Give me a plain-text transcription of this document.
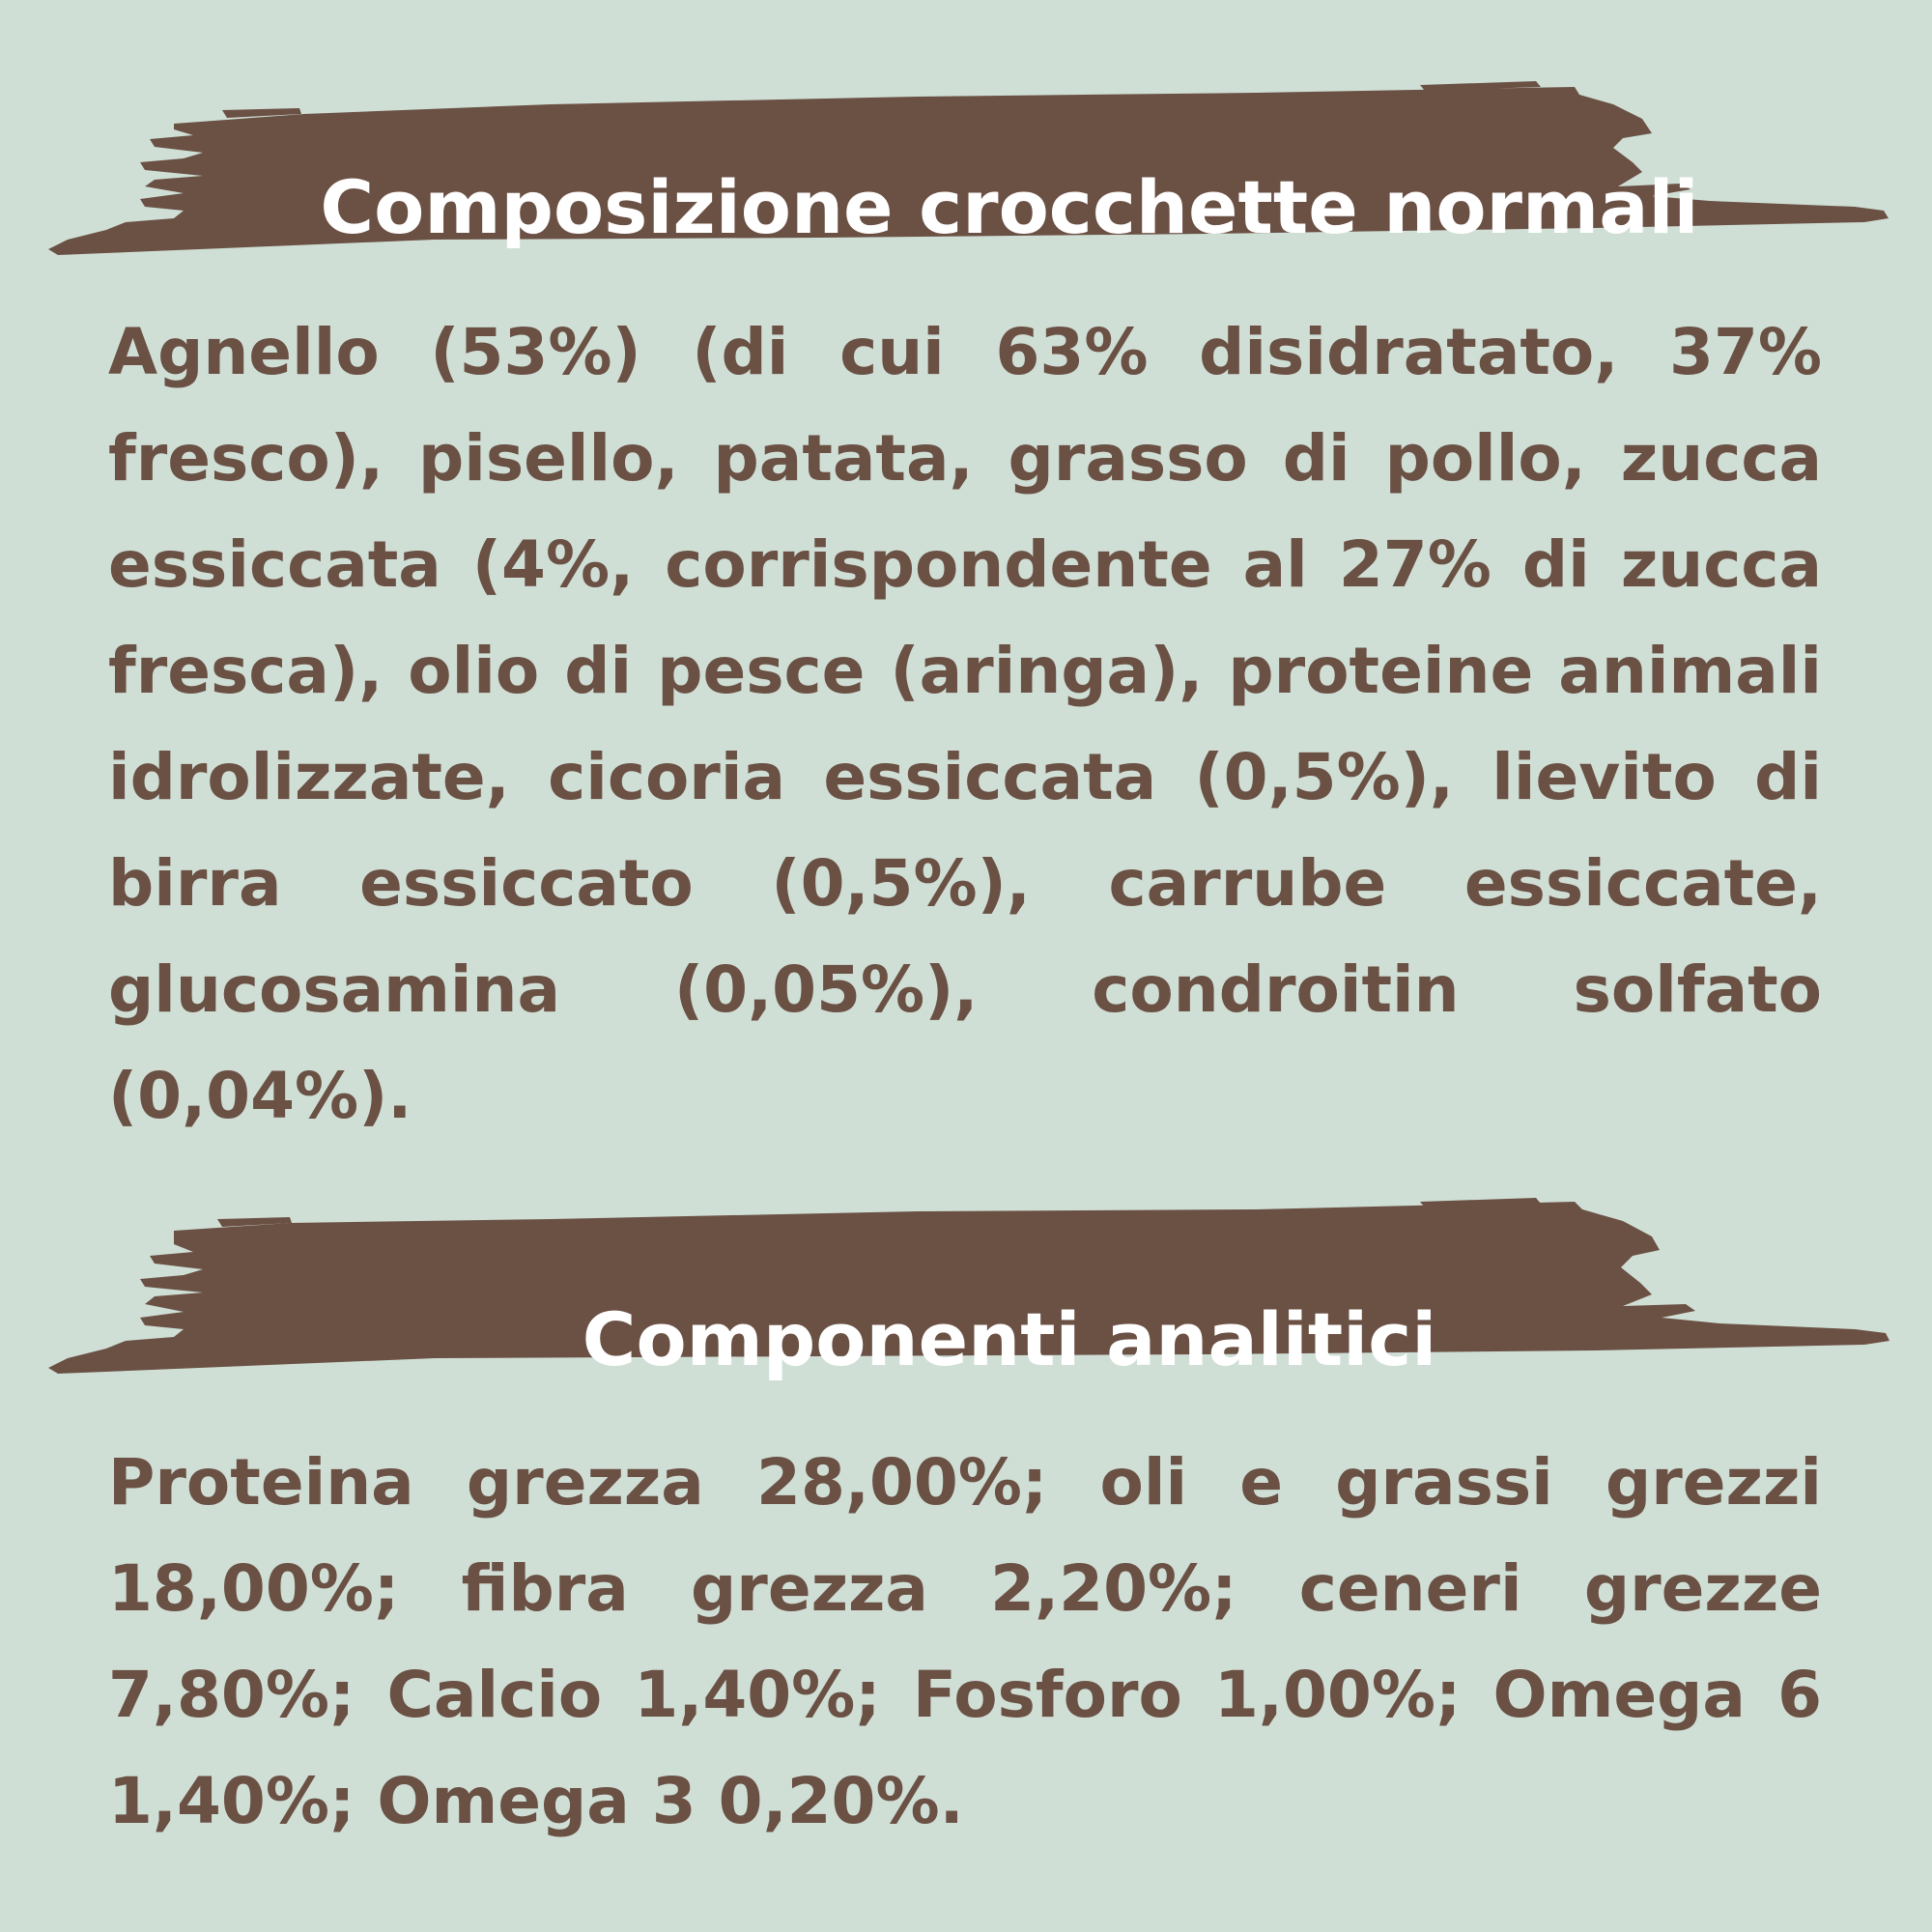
Composizione crocchette normali

Agnello (53%) (di cui 63% disidratato, 37% fresco), pisello, patata, grasso di pollo, zucca essiccata (4%, corrispondente al 27% di zucca fresca), olio di pesce (aringa), proteine animali idrolizzate, cicoria essiccata (0,5%), lievito di birra essiccato (0,5%), carrube essiccate, glucosamina (0,05%), condroitin solfato (0,04%).

Componenti analitici

Proteina grezza 28,00%; oli e grassi grezzi 18,00%; fibra grezza 2,20%; ceneri grezze 7,80%; Calcio 1,40%; Fosforo 1,00%; Omega 6 1,40%; Omega 3 0,20%.
